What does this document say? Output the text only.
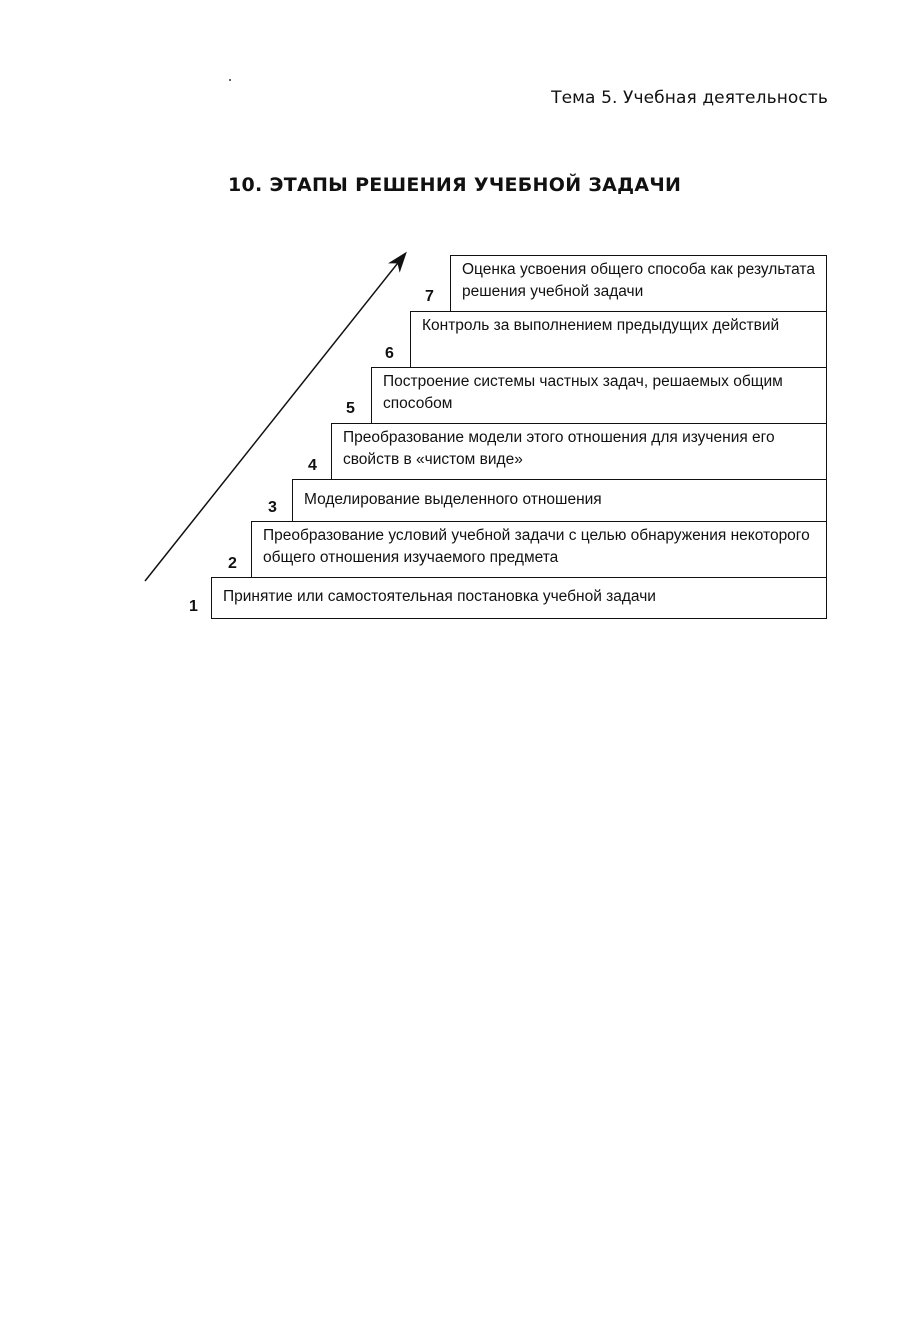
Тема 5. Учебная деятельность
10. ЭТАПЫ РЕШЕНИЯ УЧЕБНОЙ ЗАДАЧИ
Оценка усвоения общего способа как результата решения учебной задачи
7
Контроль за выполнением предыдущих действий
6
Построение системы частных задач, решаемых общим способом
5
Преобразование модели этого отношения для изучения его свойств в «чистом виде»
4
Моделирование выделенного отношения
3
Преобразование условий учебной задачи с целью обнаружения некоторого общего отношения изучаемого предмета
2
Принятие или самостоятельная постановка учебной задачи
1
